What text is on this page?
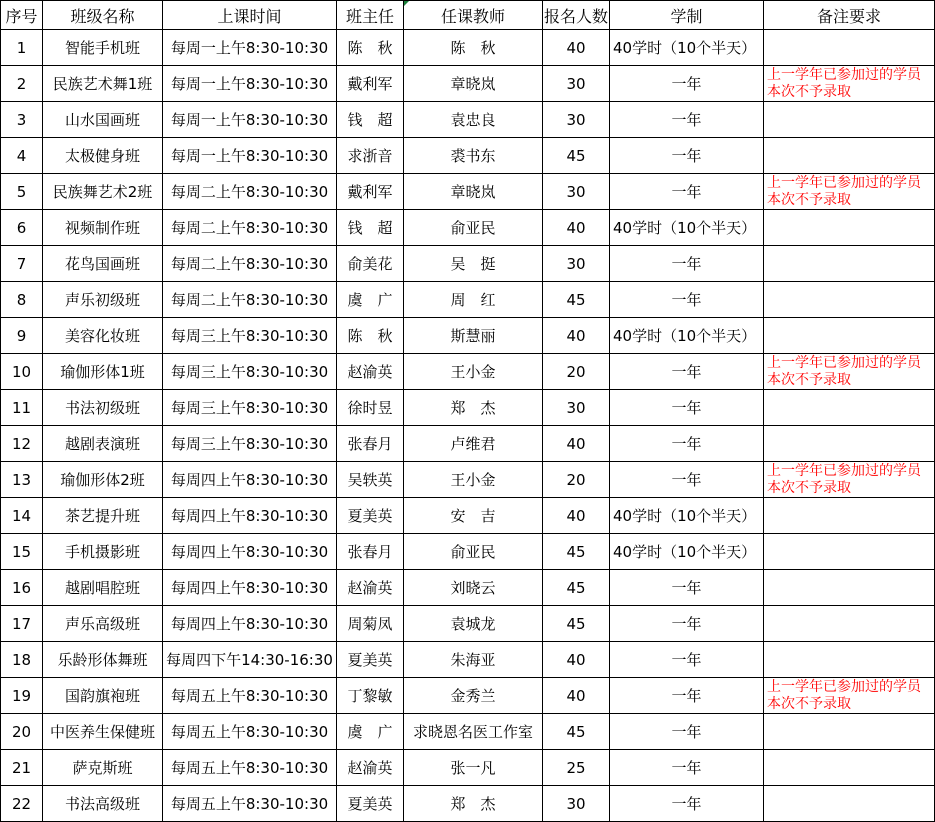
序号	班级名称	上课时间	班主任	任课教师	报名人数	学制	备注要求
1	智能手机班	每周一上午8:30-10:30	陈　秋	陈　秋	40	40学时（10个半天）	
2	民族艺术舞1班	每周一上午8:30-10:30	戴利军	章晓岚	30	一年	上一学年已参加过的学员本次不予录取
3	山水国画班	每周一上午8:30-10:30	钱　超	袁忠良	30	一年	
4	太极健身班	每周一上午8:30-10:30	求浙音	裘书东	45	一年	
5	民族舞艺术2班	每周二上午8:30-10:30	戴利军	章晓岚	30	一年	上一学年已参加过的学员本次不予录取
6	视频制作班	每周二上午8:30-10:30	钱　超	俞亚民	40	40学时（10个半天）	
7	花鸟国画班	每周二上午8:30-10:30	俞美花	吴　挺	30	一年	
8	声乐初级班	每周二上午8:30-10:30	虞　广	周　红	45	一年	
9	美容化妆班	每周三上午8:30-10:30	陈　秋	斯慧丽	40	40学时（10个半天）	
10	瑜伽形体1班	每周三上午8:30-10:30	赵渝英	王小金	20	一年	上一学年已参加过的学员本次不予录取
11	书法初级班	每周三上午8:30-10:30	徐时昱	郑　杰	30	一年	
12	越剧表演班	每周三上午8:30-10:30	张春月	卢维君	40	一年	
13	瑜伽形体2班	每周四上午8:30-10:30	吴轶英	王小金	20	一年	上一学年已参加过的学员本次不予录取
14	茶艺提升班	每周四上午8:30-10:30	夏美英	安　吉	40	40学时（10个半天）	
15	手机摄影班	每周四上午8:30-10:30	张春月	俞亚民	45	40学时（10个半天）	
16	越剧唱腔班	每周四上午8:30-10:30	赵渝英	刘晓云	45	一年	
17	声乐高级班	每周四上午8:30-10:30	周菊凤	袁城龙	45	一年	
18	乐龄形体舞班	每周四下午14:30-16:30	夏美英	朱海亚	40	一年	
19	国韵旗袍班	每周五上午8:30-10:30	丁黎敏	金秀兰	40	一年	上一学年已参加过的学员本次不予录取
20	中医养生保健班	每周五上午8:30-10:30	虞　广	求晓恩名医工作室	45	一年	
21	萨克斯班	每周五上午8:30-10:30	赵渝英	张一凡	25	一年	
22	书法高级班	每周五上午8:30-10:30	夏美英	郑　杰	30	一年	
